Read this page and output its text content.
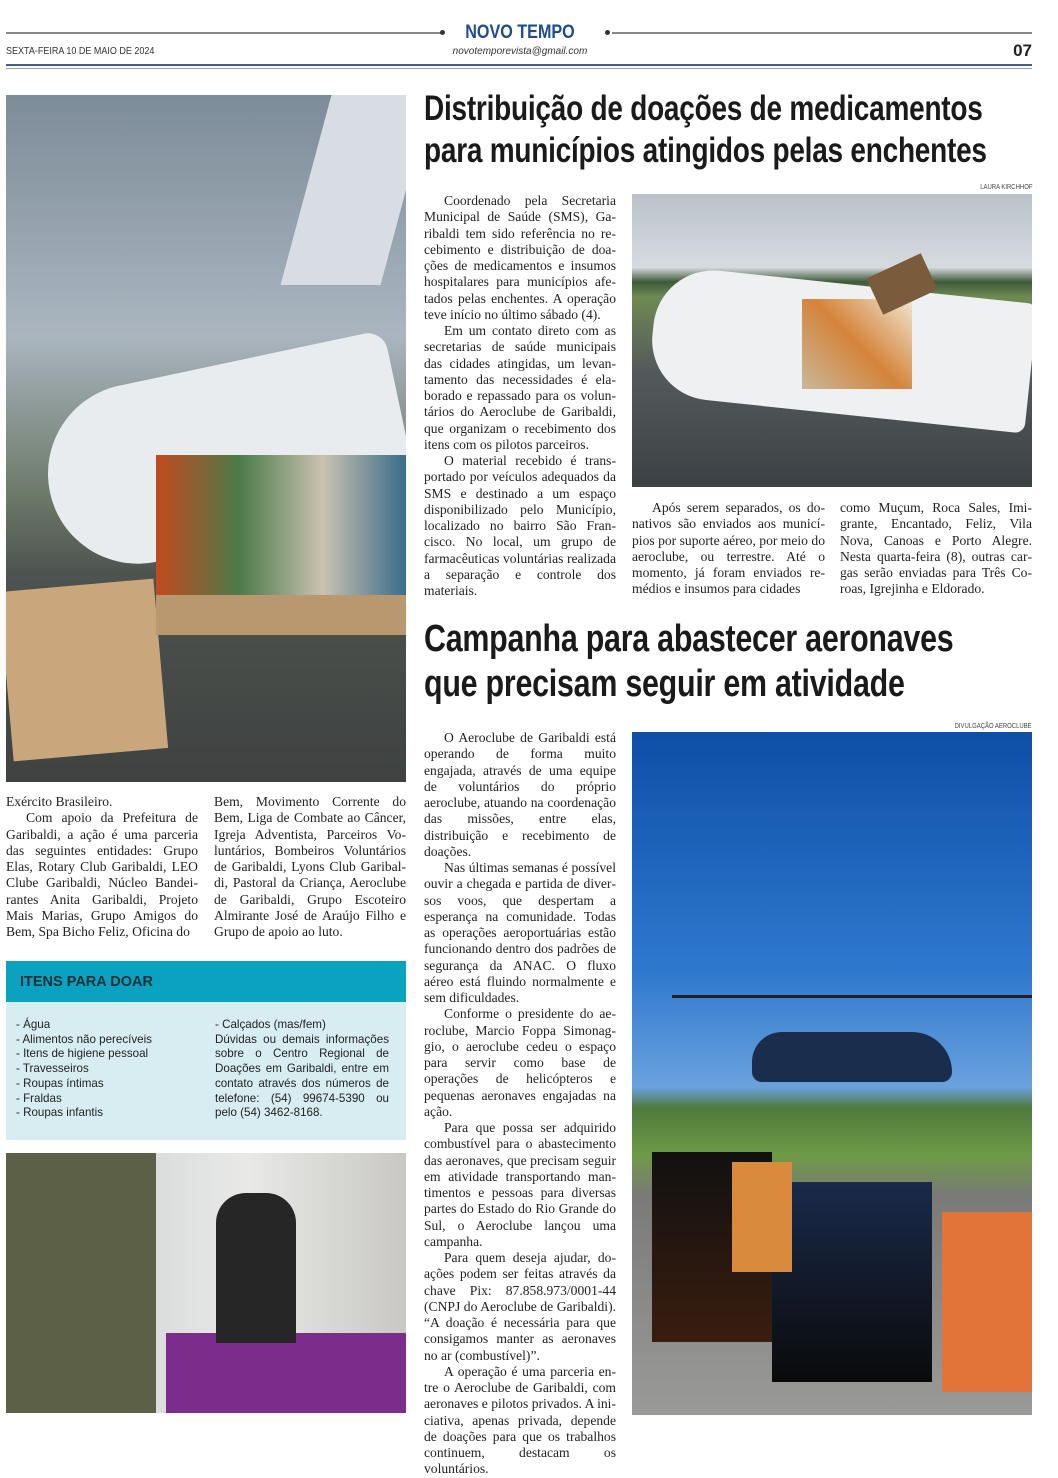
NOVO TEMPO
SEXTA-FEIRA 10 DE MAIO DE 2024	novotemporevista@gmail.com	07
Distribuição de doações de medicamentos
para municípios atingidos pelas enchentes
LAURA KIRCHHOF

Coordenado pela Secretaria Municipal de Saúde (SMS), Garibaldi tem sido referência no recebimento e distribuição de doações de medicamentos e insumos hospitalares para municípios afetados pelas enchentes. A operação teve início no último sábado (4).

Em um contato direto com as secretarias de saúde municipais das cidades atingidas, um levantamento das necessidades é elaborado e repassado para os voluntários do Aeroclube de Garibaldi, que organizam o recebimento dos itens com os pilotos parceiros.

O material recebido é transportado por veículos adequados da SMS e destinado a um espaço disponibilizado pelo Município, localizado no bairro São Francisco. No local, um grupo de farmacêuticas voluntárias realizada a separação e controle dos materiais.

Após serem separados, os donativos são enviados aos municípios por suporte aéreo, por meio do aeroclube, ou terrestre. Até o momento, já foram enviados remédios e insumos para cidades

como Muçum, Roca Sales, Imigrante, Encantado, Feliz, Vila Nova, Canoas e Porto Alegre. Nesta quarta-feira (8), outras cargas serão enviadas para Três Coroas, Igrejinha e Eldorado.

Exército Brasileiro.

Com apoio da Prefeitura de Garibaldi, a ação é uma parceria das seguintes entidades: Grupo Elas, Rotary Club Garibaldi, LEO Clube Garibaldi, Núcleo Bandeirantes Anita Garibaldi, Projeto Mais Marias, Grupo Amigos do Bem, Spa Bicho Feliz, Oficina do

Bem, Movimento Corrente do Bem, Liga de Combate ao Câncer, Igreja Adventista, Parceiros Voluntários, Bombeiros Voluntários de Garibaldi, Lyons Club Garibaldi, Pastoral da Criança, Aeroclube de Garibaldi, Grupo Escoteiro Almirante José de Araújo Filho e Grupo de apoio ao luto.

ITENS PARA DOAR
- Água
- Alimentos não perecíveis
- Itens de higiene pessoal
- Travesseiros
- Roupas íntimas
- Fraldas
- Roupas infantis
- Calçados (mas/fem)
Dúvidas ou demais informações sobre o Centro Regional de Doações em Garibaldi, entre em contato através dos números de telefone: (54) 99674-5390 ou pelo (54) 3462-8168.
Campanha para abastecer aeronaves
que precisam seguir em atividade
DIVULGAÇÃO AEROCLUBE

O Aeroclube de Garibaldi está operando de forma muito engajada, através de uma equipe de voluntários do próprio aeroclube, atuando na coordenação das missões, entre elas, distribuição e recebimento de doações.

Nas últimas semanas é possível ouvir a chegada e partida de diversos voos, que despertam a esperança na comunidade. Todas as operações aeroportuárias estão funcionando dentro dos padrões de segurança da ANAC. O fluxo aéreo está fluindo normalmente e sem dificuldades.

Conforme o presidente do aeroclube, Marcio Foppa Simonaggio, o aeroclube cedeu o espaço para servir como base de operações de helicópteros e pequenas aeronaves engajadas na ação.

Para que possa ser adquirido combustível para o abastecimento das aeronaves, que precisam seguir em atividade transportando mantimentos e pessoas para diversas partes do Estado do Rio Grande do Sul, o Aeroclube lançou uma campanha.

Para quem deseja ajudar, doações podem ser feitas através da chave Pix: 87.858.973/0001-44 (CNPJ do Aeroclube de Garibaldi). “A doação é necessária para que consigamos manter as aeronaves no ar (combustível)”.

A operação é uma parceria entre o Aeroclube de Garibaldi, com aeronaves e pilotos privados. A iniciativa, apenas privada, depende de doações para que os trabalhos continuem, destacam os voluntários.
